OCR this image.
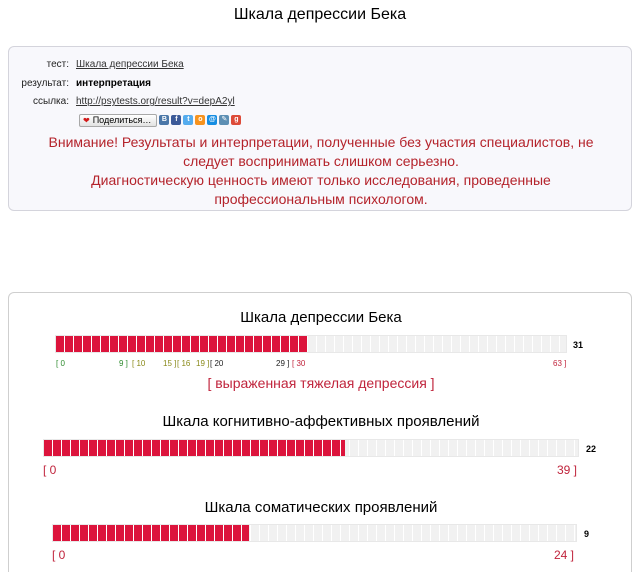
Шкала депрессии Бека
тест: Шкала депрессии Бека
результат: интерпретация
ссылка: http://psytests.org/result?v=depA2yl
❤ Поделиться…	В	f	t	о @ ✎ g
Внимание! Результаты и интерпретации, полученные без участия специалистов, не
следует воспринимать слишком серьезно.
Диагностическую ценность имеют только исследования, проведенные
профессиональным психологом.
Шкала депрессии Бека
31
[ 0	9 ] [ 10 15 ] [ 16 19 ] [ 20	29 ] [ 30	63 ]
[ выраженная тяжелая депрессия ]
Шкала когнитивно-аффективных проявлений
22
[ 0	39 ]
Шкала соматических проявлений
9
[ 0	24 ]
